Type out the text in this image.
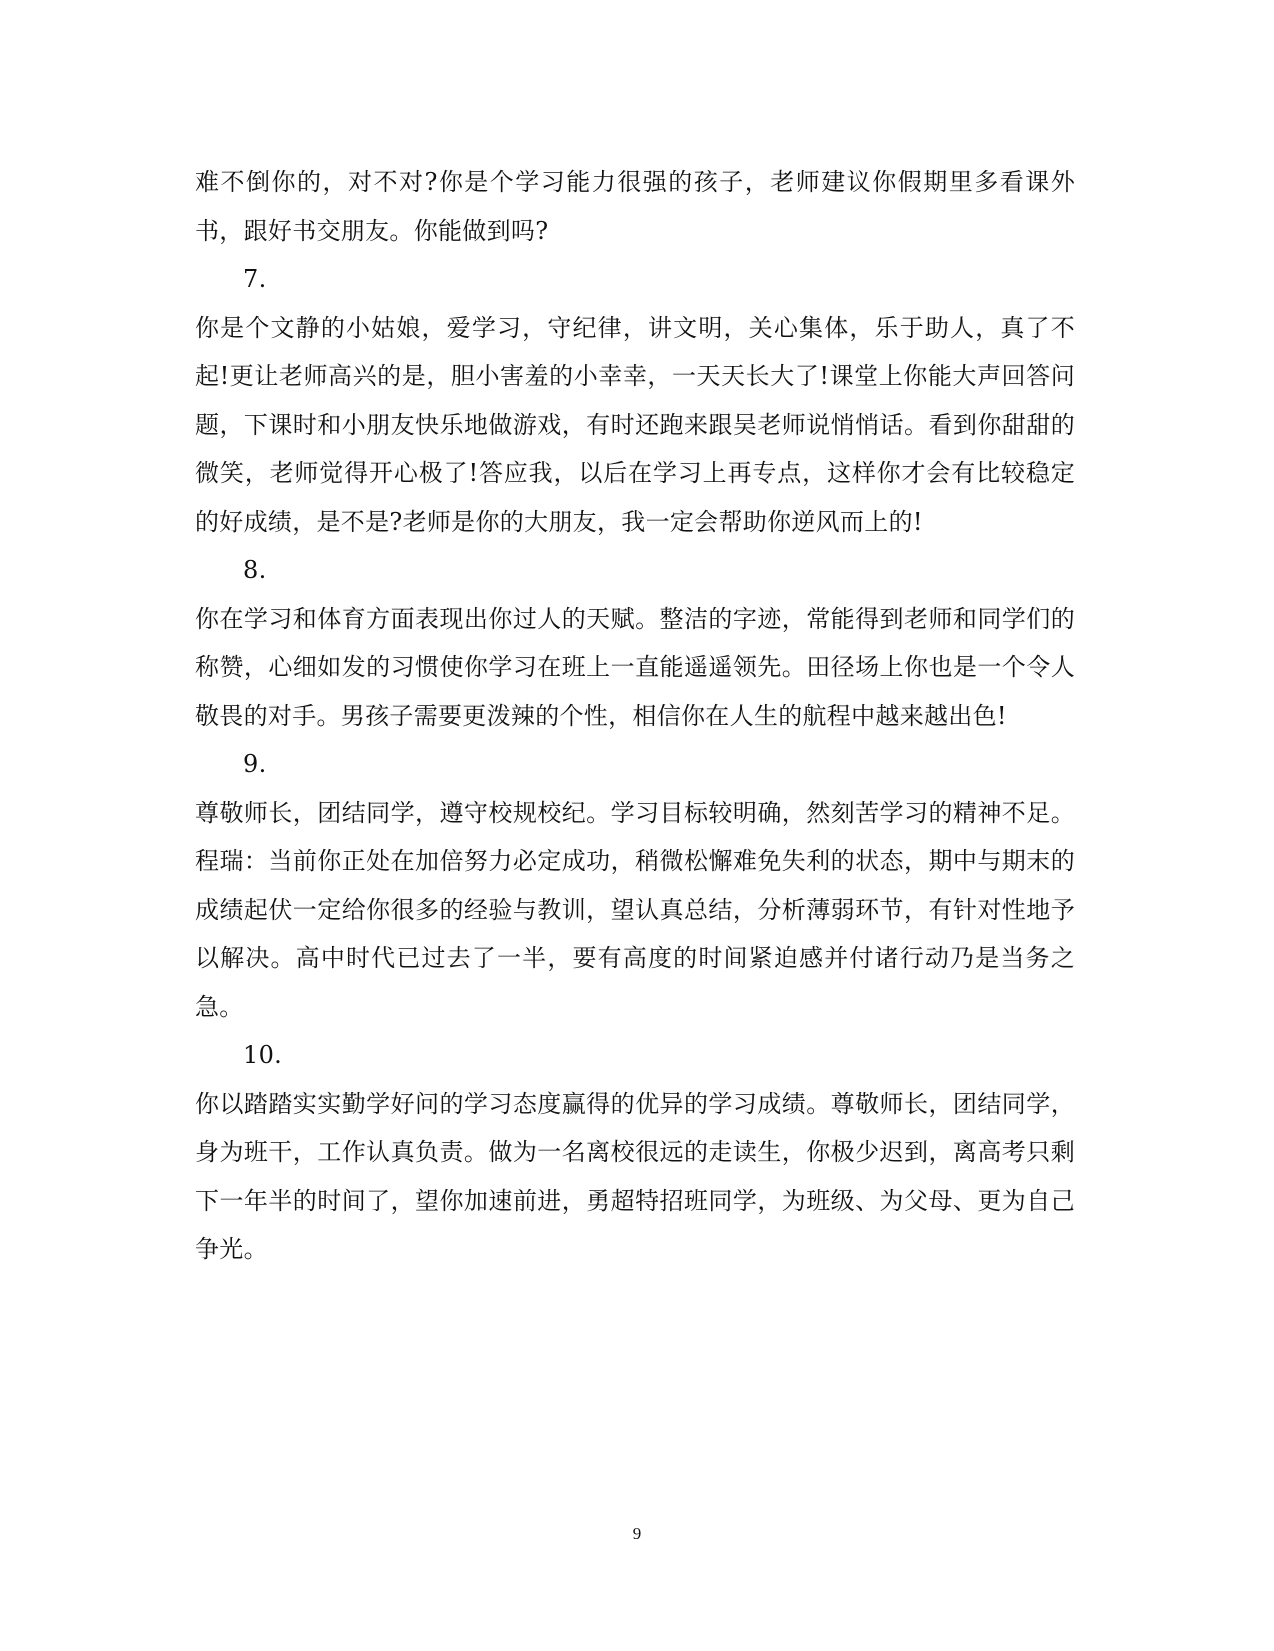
难不倒你的，对不对?你是个学习能力很强的孩子，老师建议你假期里多看课外书，跟好书交朋友。你能做到吗?

7.

你是个文静的小姑娘，爱学习，守纪律，讲文明，关心集体，乐于助人，真了不起!更让老师高兴的是，胆小害羞的小幸幸，一天天长大了!课堂上你能大声回答问题，下课时和小朋友快乐地做游戏，有时还跑来跟吴老师说悄悄话。看到你甜甜的微笑，老师觉得开心极了!答应我，以后在学习上再专点，这样你才会有比较稳定的好成绩，是不是?老师是你的大朋友，我一定会帮助你逆风而上的!

8.

你在学习和体育方面表现出你过人的天赋。整洁的字迹，常能得到老师和同学们的称赞，心细如发的习惯使你学习在班上一直能遥遥领先。田径场上你也是一个令人敬畏的对手。男孩子需要更泼辣的个性，相信你在人生的航程中越来越出色!

9.

尊敬师长，团结同学，遵守校规校纪。学习目标较明确，然刻苦学习的精神不足。程瑞：当前你正处在加倍努力必定成功，稍微松懈难免失利的状态，期中与期末的成绩起伏一定给你很多的经验与教训，望认真总结，分析薄弱环节，有针对性地予以解决。高中时代已过去了一半，要有高度的时间紧迫感并付诸行动乃是当务之急。

10.

你以踏踏实实勤学好问的学习态度赢得的优异的学习成绩。尊敬师长，团结同学，身为班干，工作认真负责。做为一名离校很远的走读生，你极少迟到，离高考只剩下一年半的时间了，望你加速前进，勇超特招班同学，为班级、为父母、更为自己争光。

9
